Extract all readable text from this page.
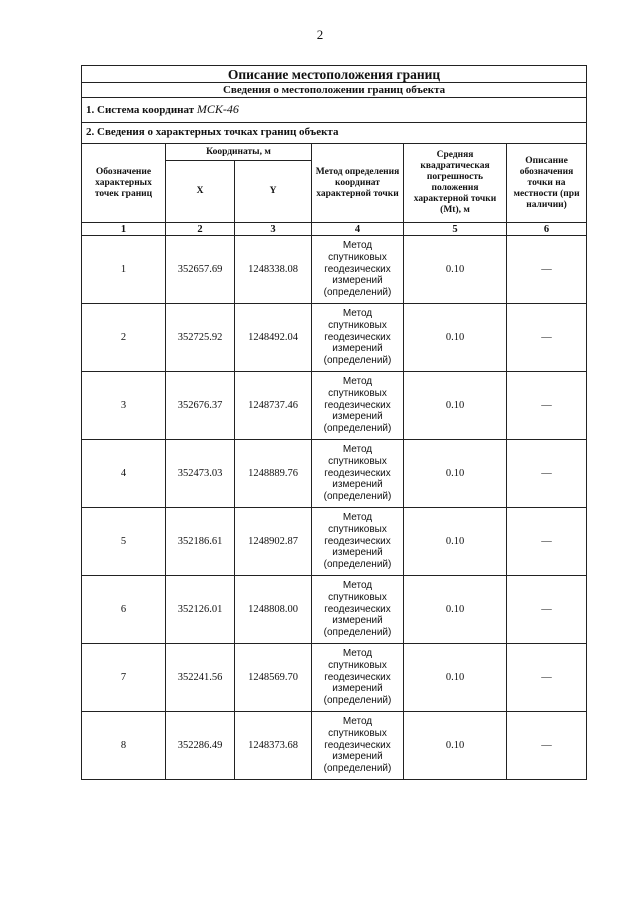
2
Описание местоположения границ					
Сведения о местоположении границ объекта					
1. Система координат МСК-46					
2. Сведения о характерных точках границ объекта					
Обозначение характерных точек границ	Координаты, м		Метод определения координат характерной точки	Средняя квадратическая погрешность положения характерной точки (Mt), м	Описание обозначения точки на местности (при наличии)
	X	Y			
1	2	3	4	5	6
1	352657.69	1248338.08	Метод спутниковых геодезических измерений (определений)	0.10	—
2	352725.92	1248492.04	Метод спутниковых геодезических измерений (определений)	0.10	—
3	352676.37	1248737.46	Метод спутниковых геодезических измерений (определений)	0.10	—
4	352473.03	1248889.76	Метод спутниковых геодезических измерений (определений)	0.10	—
5	352186.61	1248902.87	Метод спутниковых геодезических измерений (определений)	0.10	—
6	352126.01	1248808.00	Метод спутниковых геодезических измерений (определений)	0.10	—
7	352241.56	1248569.70	Метод спутниковых геодезических измерений (определений)	0.10	—
8	352286.49	1248373.68	Метод спутниковых геодезических измерений (определений)	0.10	—
